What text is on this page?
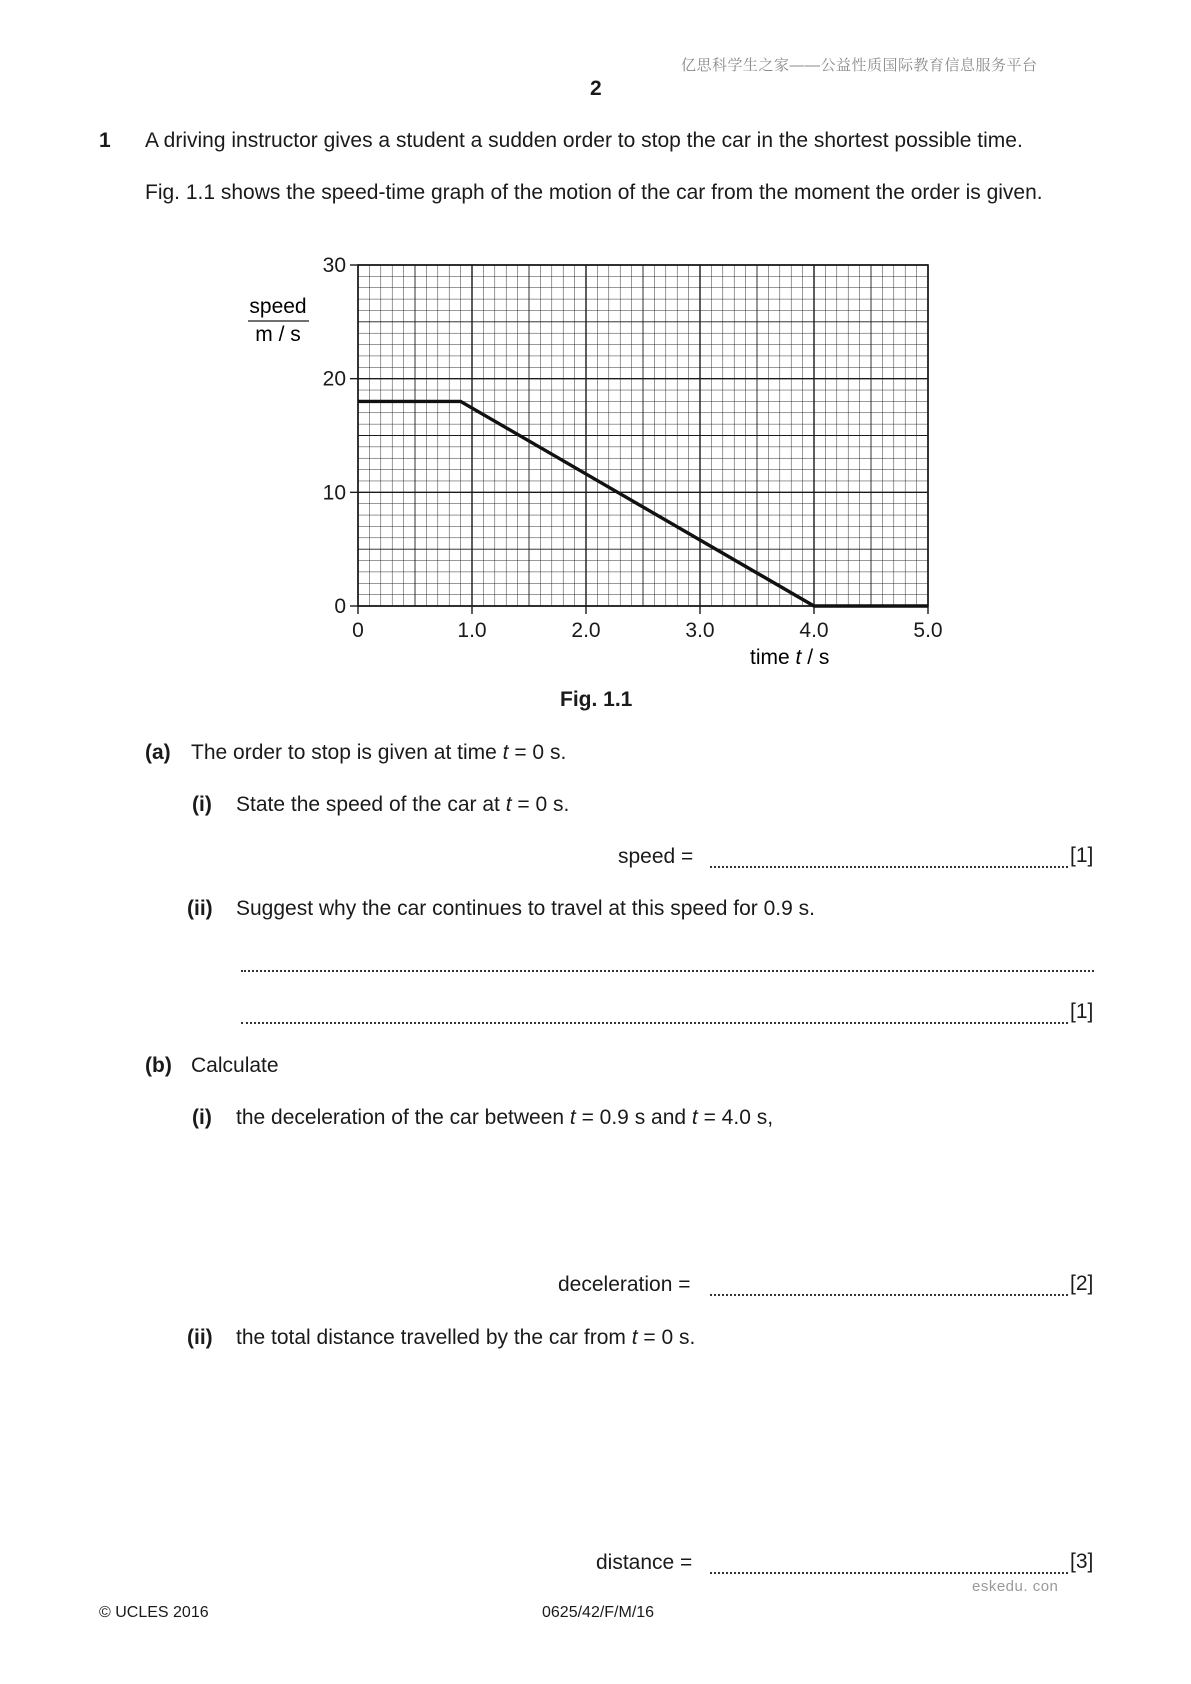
亿思科学生之家——公益性质国际教育信息服务平台
2
1 A driving instructor gives a student a sudden order to stop the car in the shortest possible time.
Fig. 1.1 shows the speed-time graph of the motion of the car from the moment the order is given.
0	1.0	2.0	3.0	4.0	5.0
0
10
20
30
speed
m / s
time t / s
Fig. 1.1
(a) The order to stop is given at time t = 0 s.
(i) State the speed of the car at t = 0 s.
speed =	[1]
(ii) Suggest why the car continues to travel at this speed for 0.9 s.
[1]
(b) Calculate
(i) the deceleration of the car between t = 0.9 s and t = 4.0 s,
deceleration =	[2]
(ii) the total distance travelled by the car from t = 0 s.
distance =	[3]
eskedu. con
© UCLES 2016	0625/42/F/M/16
